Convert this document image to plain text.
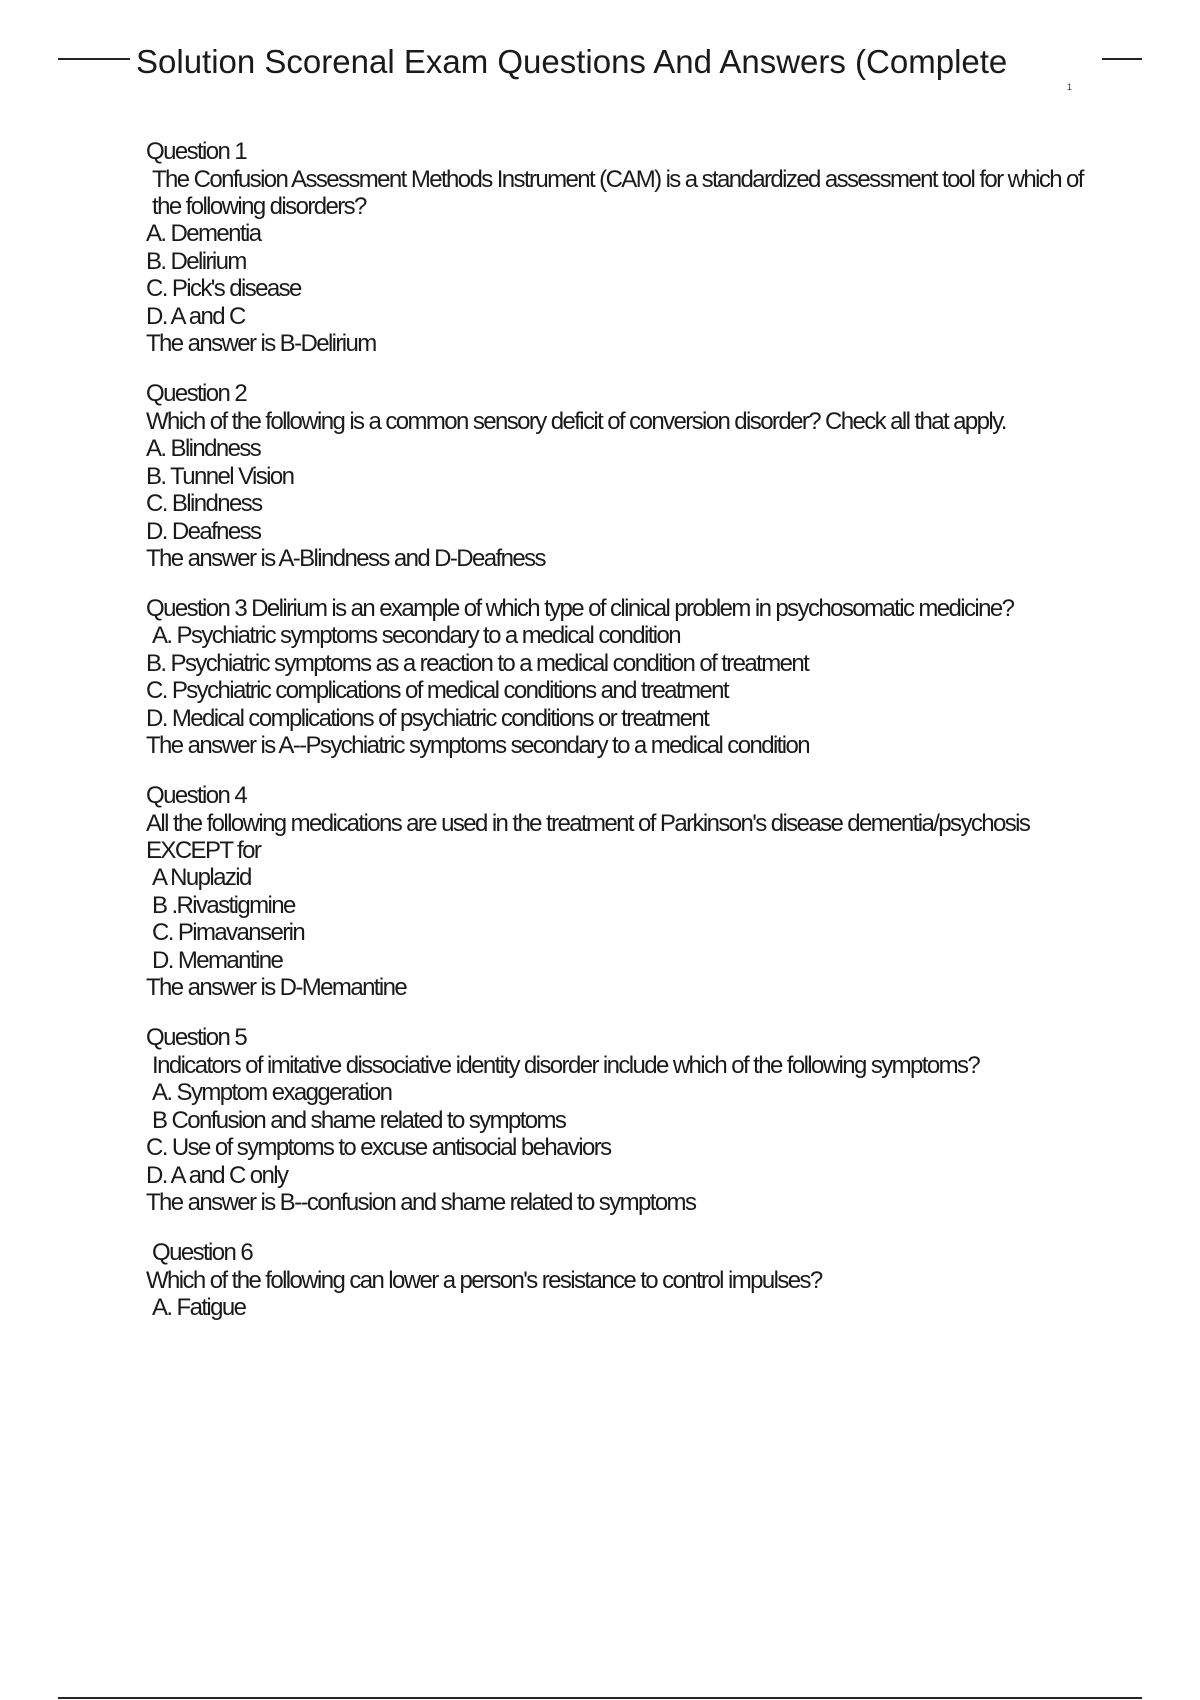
Solution Scorenal Exam Questions And Answers (Complete
1
Question 1
The Confusion Assessment Methods Instrument (CAM) is a standardized assessment tool for which of the following disorders?
A. Dementia
B. Delirium
C. Pick's disease
D. A and C
The answer is B-Delirium
Question 2
Which of the following is a common sensory deficit of conversion disorder? Check all that apply.
A. Blindness
B. Tunnel Vision
C. Blindness
D. Deafness
The answer is A-Blindness and D-Deafness
Question 3 Delirium is an example of which type of clinical problem in psychosomatic medicine?
A. Psychiatric symptoms secondary to a medical condition
B. Psychiatric symptoms as a reaction to a medical condition of treatment
C. Psychiatric complications of medical conditions and treatment
D. Medical complications of psychiatric conditions or treatment
The answer is A--Psychiatric symptoms secondary to a medical condition
Question 4
All the following medications are used in the treatment of Parkinson's disease dementia/psychosis EXCEPT for
A Nuplazid
B .Rivastigmine
C. Pimavanserin
D. Memantine
The answer is D-Memantine
Question 5
Indicators of imitative dissociative identity disorder include which of the following symptoms?
A. Symptom exaggeration
B Confusion and shame related to symptoms
C. Use of symptoms to excuse antisocial behaviors
D. A and C only
The answer is B--confusion and shame related to symptoms
Question 6
Which of the following can lower a person's resistance to control impulses?
A. Fatigue
